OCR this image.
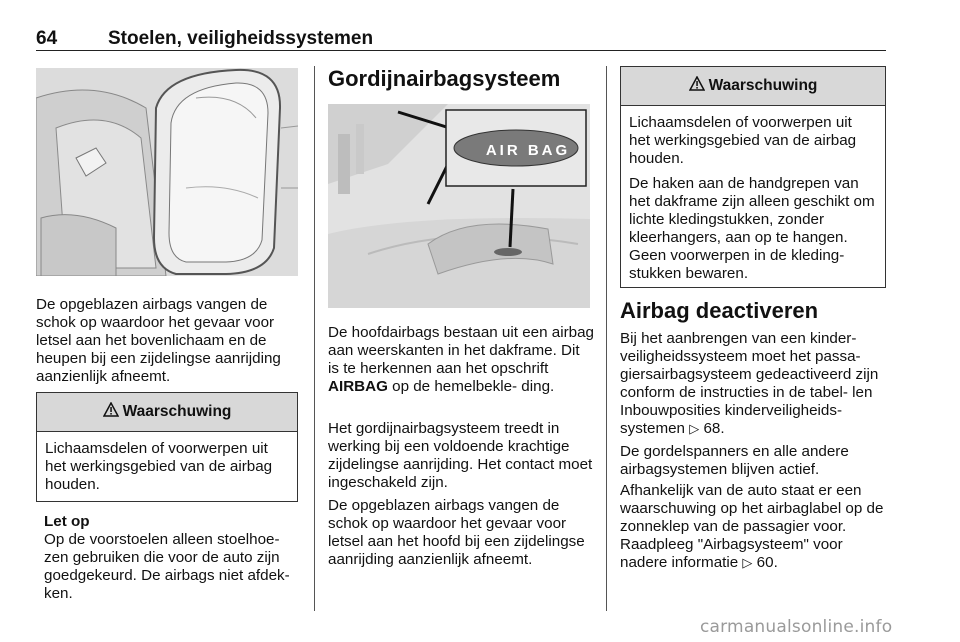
64	Stoelen, veiligheidssystemen

De opgeblazen airbags vangen de schok op waardoor het gevaar voor letsel aan het bovenlichaam en de heupen bij een zijdelingse aanrijding aanzienlijk afneemt.

Waarschuwing
Lichaamsdelen of voorwerpen uit het werkingsgebied van de airbag houden.

Let op
Op de voorstoelen alleen stoelhoe- zen gebruiken die voor de auto zijn goedgekeurd. De airbags niet afdek- ken.

Gordijnairbagsysteem
AIR BAG

De hoofdairbags bestaan uit een airbag aan weerskanten in het dakframe. Dit is te herkennen aan het opschrift AIRBAG op de hemelbekle- ding.

Het gordijnairbagsysteem treedt in werking bij een voldoende krachtige zijdelingse aanrijding. Het contact moet ingeschakeld zijn.

De opgeblazen airbags vangen de schok op waardoor het gevaar voor letsel aan het hoofd bij een zijdelingse aanrijding aanzienlijk afneemt.

Waarschuwing

Lichaamsdelen of voorwerpen uit het werkingsgebied van de airbag houden.

De haken aan de handgrepen van het dakframe zijn alleen geschikt om lichte kledingstukken, zonder kleerhangers, aan op te hangen. Geen voorwerpen in de kleding- stukken bewaren.

Airbag deactiveren

Bij het aanbrengen van een kinder- veiligheidssysteem moet het passa- giersairbagsysteem gedeactiveerd zijn conform de instructies in de tabel- len Inbouwposities kinderveiligheids- systemen ▷ 68.

De gordelspanners en alle andere airbagsystemen blijven actief.

Afhankelijk van de auto staat er een waarschuwing op het airbaglabel op de zonneklep van de passagier voor. Raadpleeg "Airbagsysteem" voor nadere informatie ▷ 60.

carmanualsonline.info
